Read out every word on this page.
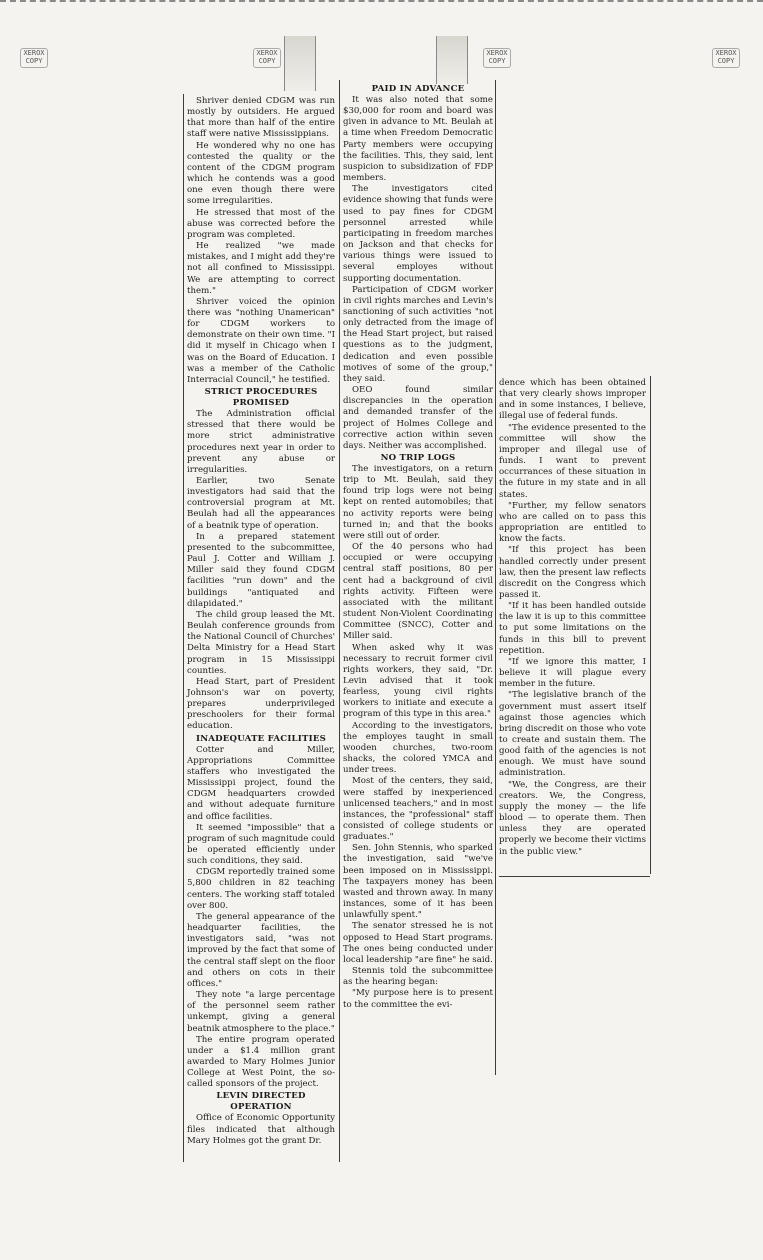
XEROX COPY
XEROX COPY
XEROX COPY
XEROX COPY

Shriver denied CDGM was run mostly by outsiders. He argued that more than half of the entire staff were native Mississippians.

He wondered why no one has contested the quality or the content of the CDGM program which he contends was a good one even though there were some irregularities.

He stressed that most of the abuse was corrected before the program was completed.

He realized "we made mistakes, and I might add they're not all confined to Mississippi. We are attempting to correct them."

Shriver voiced the opinion there was "nothing Unamerican" for CDGM workers to demonstrate on their own time. "I did it myself in Chicago when I was on the Board of Education. I was a member of the Catholic Interracial Council," he testified.

STRICT PROCEDURES PROMISED

The Administration official stressed that there would be more strict administrative procedures next year in order to prevent any abuse or irregularities.

Earlier, two Senate investigators had said that the controversial program at Mt. Beulah had all the appearances of a beatnik type of operation.

In a prepared statement presented to the subcommittee, Paul J. Cotter and William J. Miller said they found CDGM facilities "run down" and the buildings "antiquated and dilapidated."

The child group leased the Mt. Beulah conference grounds from the National Council of Churches' Delta Ministry for a Head Start program in 15 Mississippi counties.

Head Start, part of President Johnson's war on poverty, prepares underprivileged preschoolers for their formal education.

INADEQUATE FACILITIES

Cotter and Miller, Appropriations Committee staffers who investigated the Mississippi project, found the CDGM headquarters crowded and without adequate furniture and office facilities.

It seemed "impossible" that a program of such magnitude could be operated efficiently under such conditions, they said.

CDGM reportedly trained some 5,800 children in 82 teaching centers. The working staff totaled over 800.

The general appearance of the headquarter facilities, the investigators said, "was not improved by the fact that some of the central staff slept on the floor and others on cots in their offices."

They note "a large percentage of the personnel seem rather unkempt, giving a general beatnik atmosphere to the place."

The entire program operated under a $1.4 million grant awarded to Mary Holmes Junior College at West Point, the so-called sponsors of the project.

LEVIN DIRECTED OPERATION

Office of Economic Opportunity files indicated that although Mary Holmes got the grant Dr.

PAID IN ADVANCE

It was also noted that some $30,000 for room and board was given in advance to Mt. Beulah at a time when Freedom Democratic Party members were occupying the facilities. This, they said, lent suspicion to subsidization of FDP members.

The investigators cited evidence showing that funds were used to pay fines for CDGM personnel arrested while participating in freedom marches on Jackson and that checks for various things were issued to several employes without supporting documentation.

Participation of CDGM worker in civil rights marches and Levin's sanctioning of such activities "not only detracted from the image of the Head Start project, but raised questions as to the judgment, dedication and even possible motives of some of the group," they said.

OEO found similar discrepancies in the operation and demanded transfer of the project of Holmes College and corrective action within seven days. Neither was accomplished.

NO TRIP LOGS

The investigators, on a return trip to Mt. Beulah, said they found trip logs were not being kept on rented automobiles; that no activity reports were being turned in; and that the books were still out of order.

Of the 40 persons who had occupied or were occupying central staff positions, 80 per cent had a background of civil rights activity. Fifteen were associated with the militant student Non-Violent Coordinating Committee (SNCC), Cotter and Miller said.

When asked why it was necessary to recruit former civil rights workers, they said, "Dr. Levin advised that it took fearless, young civil rights workers to initiate and execute a program of this type in this area."

According to the investigators, the employes taught in small wooden churches, two-room shacks, the colored YMCA and under trees.

Most of the centers, they said, were staffed by inexperienced unlicensed teachers," and in most instances, the "professional" staff consisted of college students or graduates."

Sen. John Stennis, who sparked the investigation, said "we've been imposed on in Mississippi. The taxpayers money has been wasted and thrown away. In many instances, some of it has been unlawfully spent."

The senator stressed he is not opposed to Head Start programs. The ones being conducted under local leadership "are fine" he said.

Stennis told the subcommittee as the hearing began:

"My purpose here is to present to the committee the evi-

dence which has been obtained that very clearly shows improper and in some instances, I believe, illegal use of federal funds.

"The evidence presented to the committee will show the improper and illegal use of funds. I want to prevent occurrances of these situation in the future in my state and in all states.

"Further, my fellow senators who are called on to pass this appropriation are entitled to know the facts.

"If this project has been handled correctly under present law, then the present law reflects discredit on the Congress which passed it.

"If it has been handled outside the law it is up to this committee to put some limitations on the funds in this bill to prevent repetition.

"If we ignore this matter, I believe it will plague every member in the future.

"The legislative branch of the government must assert itself against those agencies which bring discredit on those who vote to create and sustain them. The good faith of the agencies is not enough. We must have sound administration.

"We, the Congress, are their creators. We, the Congress, supply the money — the life blood — to operate them. Then unless they are operated properly we become their victims in the public view."
